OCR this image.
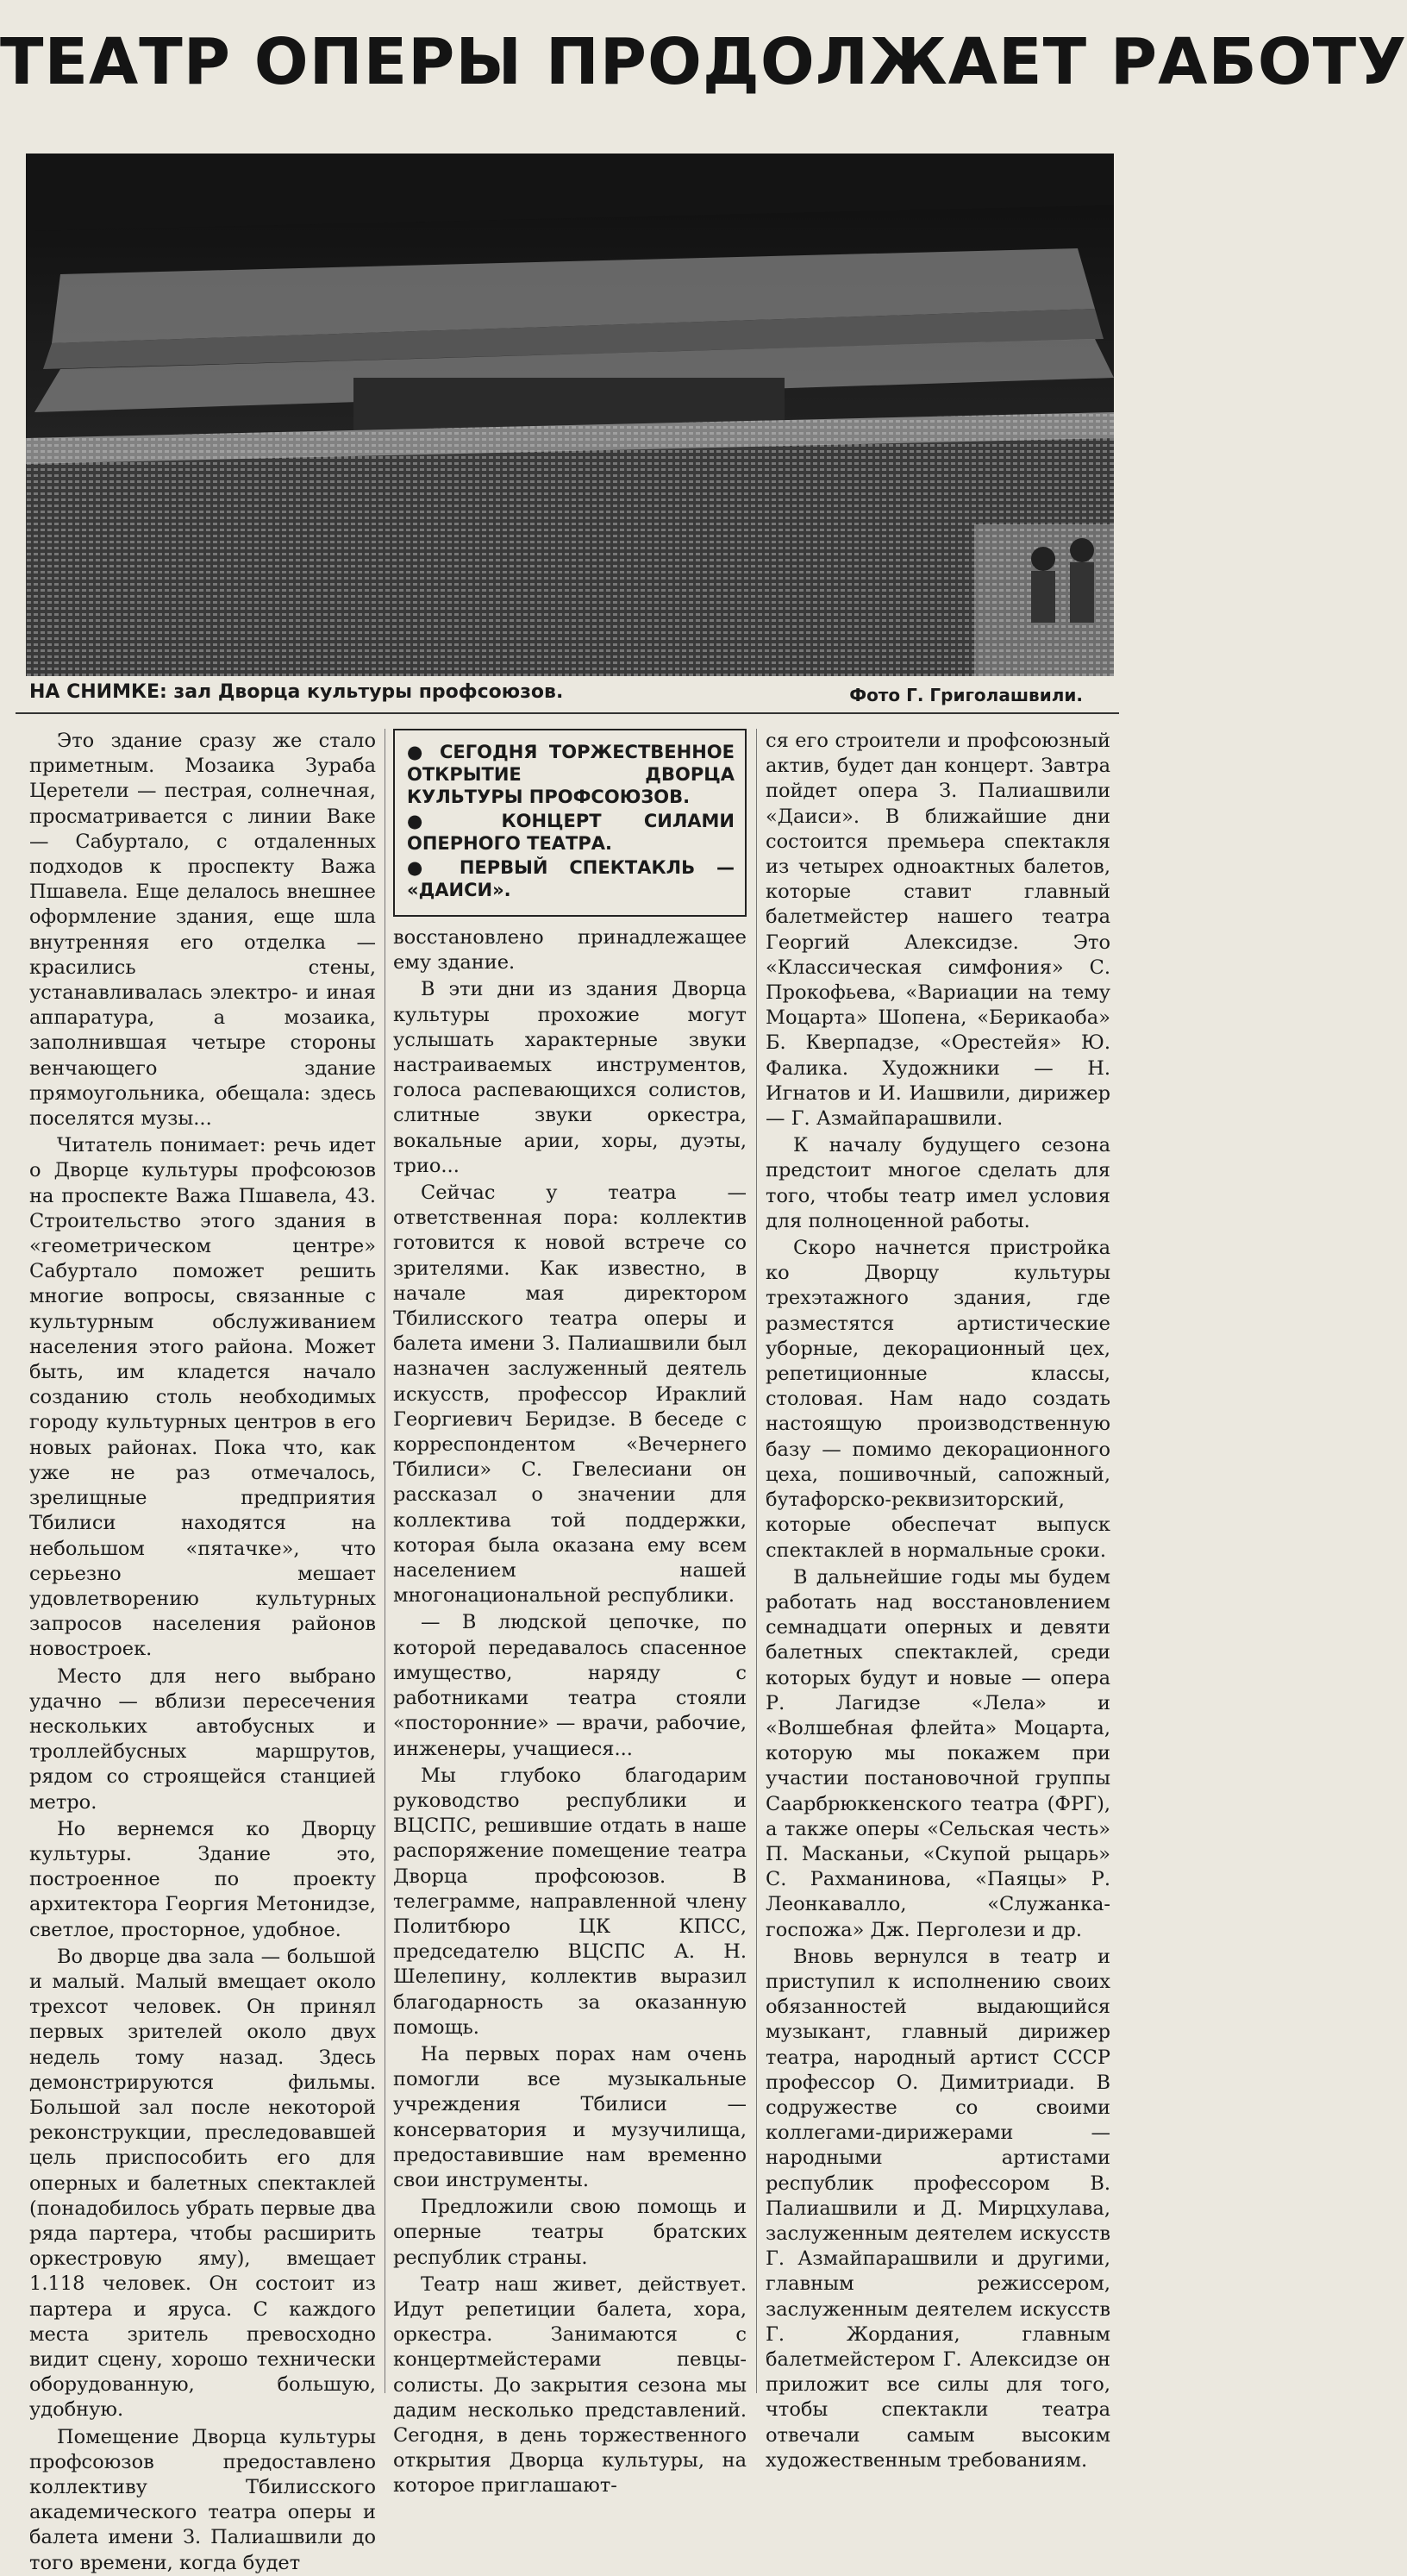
ТЕАТР ОПЕРЫ ПРОДОЛЖАЕТ РАБОТУ
НА СНИМКЕ: зал Дворца культуры профсоюзов.	Фото Г. Григолашвили.

Это здание сразу же стало приметным. Мозаика Зураба Церетели — пестрая, солнечная, просматривается с линии Ваке — Сабуртало, с отдаленных подходов к проспекту Важа Пшавела. Еще делалось внешнее оформление здания, еще шла внутренняя его отделка — красились стены, устанавливалась электро- и иная аппаратура, а мозаика, заполнившая четыре стороны венчающего здание прямоугольника, обещала: здесь поселятся музы...

Читатель понимает: речь идет о Дворце культуры профсоюзов на проспекте Важа Пшавела, 43. Строительство этого здания в «геометрическом центре» Сабуртало поможет решить многие вопросы, связанные с культурным обслуживанием населения этого района. Может быть, им кладется начало созданию столь необходимых городу культурных центров в его новых районах. Пока что, как уже не раз отмечалось, зрелищные предприятия Тбилиси находятся на небольшом «пятачке», что серьезно мешает удовлетворению культурных запросов населения районов новостроек.

Место для него выбрано удачно — вблизи пересечения нескольких автобусных и троллейбусных маршрутов, рядом со строящейся станцией метро.

Но вернемся ко Дворцу культуры. Здание это, построенное по проекту архитектора Георгия Метонидзе, светлое, просторное, удобное.

Во дворце два зала — большой и малый. Малый вмещает около трехсот человек. Он принял первых зрителей около двух недель тому назад. Здесь демонстрируются фильмы. Большой зал после некоторой реконструкции, преследовавшей цель приспособить его для оперных и балетных спектаклей (понадобилось убрать первые два ряда партера, чтобы расширить оркестровую яму), вмещает 1.118 человек. Он состоит из партера и яруса. С каждого места зритель превосходно видит сцену, хорошо технически оборудованную, большую, удобную.

Помещение Дворца культуры профсоюзов предоставлено коллективу Тбилисского академического театра оперы и балета имени З. Палиашвили до того времени, когда будет

● СЕГОДНЯ ТОРЖЕСТВЕННОЕ ОТКРЫТИЕ ДВОРЦА КУЛЬТУРЫ ПРОФСОЮЗОВ.
● КОНЦЕРТ СИЛАМИ ОПЕРНОГО ТЕАТРА.
● ПЕРВЫЙ СПЕКТАКЛЬ — «ДАИСИ».

восстановлено принадлежащее ему здание.

В эти дни из здания Дворца культуры прохожие могут услышать характерные звуки настраиваемых инструментов, голоса распевающихся солистов, слитные звуки оркестра, вокальные арии, хоры, дуэты, трио...

Сейчас у театра — ответственная пора: коллектив готовится к новой встрече со зрителями. Как известно, в начале мая директором Тбилисского театра оперы и балета имени З. Палиашвили был назначен заслуженный деятель искусств, профессор Ираклий Георгиевич Беридзе. В беседе с корреспондентом «Вечернего Тбилиси» С. Гвелесиани он рассказал о значении для коллектива той поддержки, которая была оказана ему всем населением нашей многонациональной республики.

— В людской цепочке, по которой передавалось спасенное имущество, наряду с работниками театра стояли «посторонние» — врачи, рабочие, инженеры, учащиеся...

Мы глубоко благодарим руководство республики и ВЦСПС, решившие отдать в наше распоряжение помещение театра Дворца профсоюзов. В телеграмме, направленной члену Политбюро ЦК КПСС, председателю ВЦСПС А. Н. Шелепину, коллектив выразил благодарность за оказанную помощь.

На первых порах нам очень помогли все музыкальные учреждения Тбилиси — консерватория и музучилища, предоставившие нам временно свои инструменты.

Предложили свою помощь и оперные театры братских республик страны.

Театр наш живет, действует. Идут репетиции балета, хора, оркестра. Занимаются с концертмейстерами певцы-солисты. До закрытия сезона мы дадим несколько представлений. Сегодня, в день торжественного открытия Дворца культуры, на которое приглашают-

ся его строители и профсоюзный актив, будет дан концерт. Завтра пойдет опера З. Палиашвили «Даиси». В ближайшие дни состоится премьера спектакля из четырех одноактных балетов, которые ставит главный балетмейстер нашего театра Георгий Алексидзе. Это «Классическая симфония» С. Прокофьева, «Вариации на тему Моцарта» Шопена, «Берикаоба» Б. Кверпадзе, «Орестейя» Ю. Фалика. Художники — Н. Игнатов и И. Иашвили, дирижер — Г. Азмайпарашвили.

К началу будущего сезона предстоит многое сделать для того, чтобы театр имел условия для полноценной работы.

Скоро начнется пристройка ко Дворцу культуры трехэтажного здания, где разместятся артистические уборные, декорационный цех, репетиционные классы, столовая. Нам надо создать настоящую производственную базу — помимо декорационного цеха, пошивочный, сапожный, бутафорско-реквизиторский, которые обеспечат выпуск спектаклей в нормальные сроки.

В дальнейшие годы мы будем работать над восстановлением семнадцати оперных и девяти балетных спектаклей, среди которых будут и новые — опера Р. Лагидзе «Лела» и «Волшебная флейта» Моцарта, которую мы покажем при участии постановочной группы Саарбрюккенского театра (ФРГ), а также оперы «Сельская честь» П. Масканьи, «Скупой рыцарь» С. Рахманинова, «Паяцы» Р. Леонкавалло, «Служанка-госпожа» Дж. Перголези и др.

Вновь вернулся в театр и приступил к исполнению своих обязанностей выдающийся музыкант, главный дирижер театра, народный артист СССР профессор О. Димитриади. В содружестве со своими коллегами-дирижерами — народными артистами республик профессором В. Палиашвили и Д. Мирцхулава, заслуженным деятелем искусств Г. Азмайпарашвили и другими, главным режиссером, заслуженным деятелем искусств Г. Жордания, главным балетмейстером Г. Алексидзе он приложит все силы для того, чтобы спектакли театра отвечали самым высоким художественным требованиям.
